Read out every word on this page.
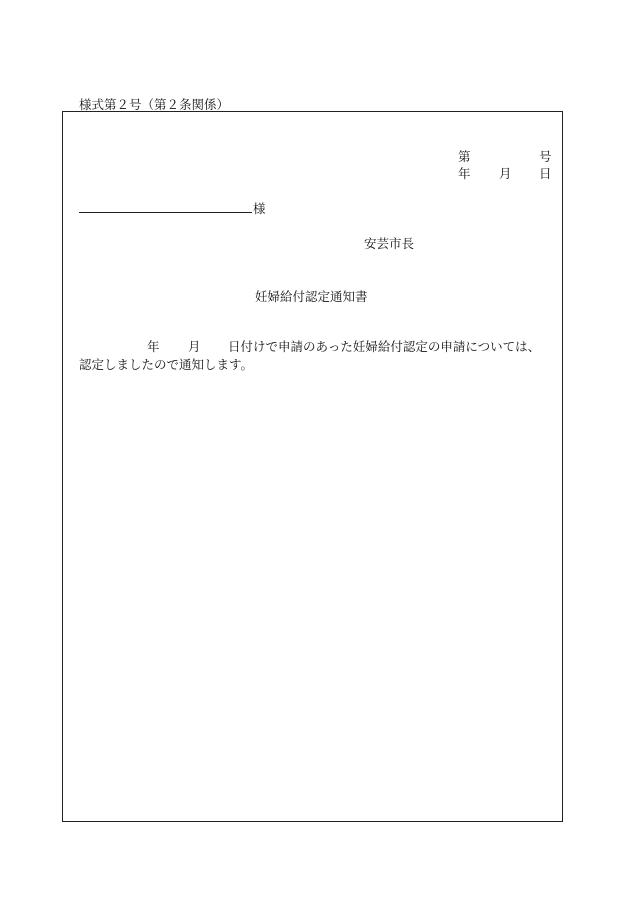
様式第２号（第２条関係）
第	号
年 月 日
様
安芸市長
妊婦給付認定通知書
年 月 日付けで申請のあった妊婦給付認定の申請については、
認定しましたので通知します。
